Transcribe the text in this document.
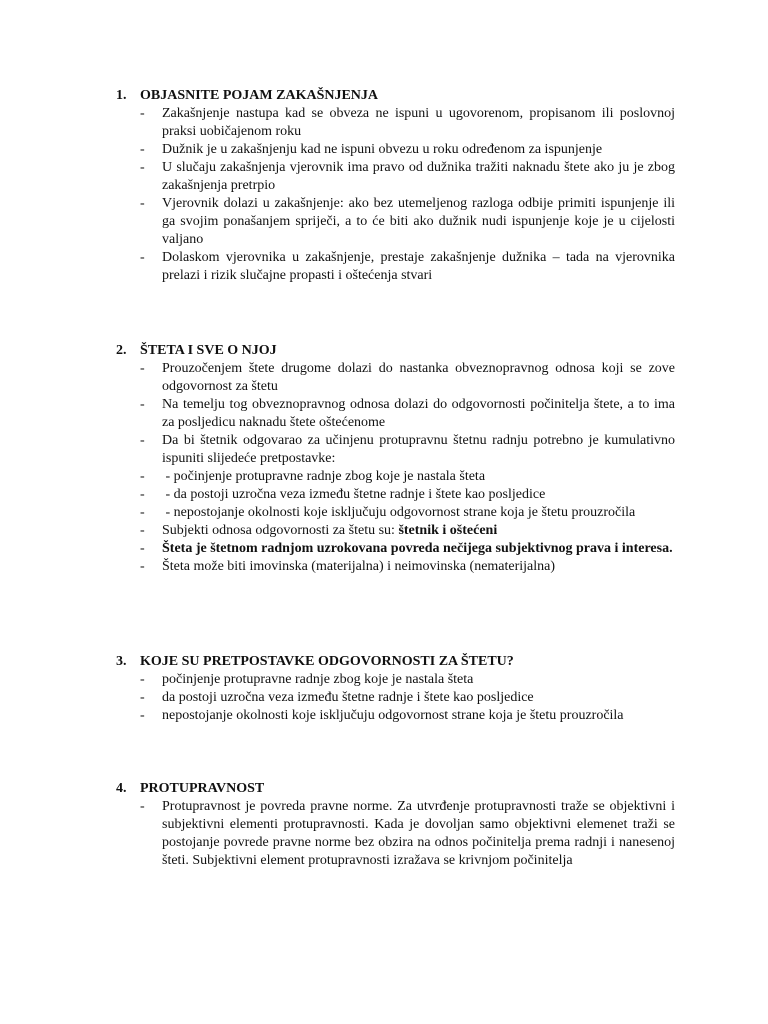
1. OBJASNITE POJAM ZAKAŠNJENJA
- Zakašnjenje nastupa kad se obveza ne ispuni u ugovorenom, propisanom ili poslovnoj praksi uobičajenom roku
- Dužnik je u zakašnjenju kad ne ispuni obvezu u roku određenom za ispunjenje
- U slučaju zakašnjenja vjerovnik ima pravo od dužnika tražiti naknadu štete ako ju je zbog zakašnjenja pretrpio
- Vjerovnik dolazi u zakašnjenje: ako bez utemeljenog razloga odbije primiti ispunjenje ili ga svojim ponašanjem spriječi, a to će biti ako dužnik nudi ispunjenje koje je u cijelosti valjano
- Dolaskom vjerovnika u zakašnjenje, prestaje zakašnjenje dužnika – tada na vjerovnika prelazi i rizik slučajne propasti i oštećenja stvari
2. ŠTETA I SVE O NJOJ
- Prouzočenjem štete drugome dolazi do nastanka obveznopravnog odnosa koji se zove odgovornost za štetu
- Na temelju tog obveznopravnog odnosa dolazi do odgovornosti počinitelja štete, a to ima za posljedicu naknadu štete oštećenome
- Da bi štetnik odgovarao za učinjenu protupravnu štetnu radnju potrebno je kumulativno ispuniti slijedeće pretpostavke:
- - počinjenje protupravne radnje zbog koje je nastala šteta
- - da postoji uzročna veza između štetne radnje i štete kao posljedice
- - nepostojanje okolnosti koje isključuju odgovornost strane koja je štetu prouzročila
- Subjekti odnosa odgovornosti za štetu su: štetnik i oštećeni
- Šteta je štetnom radnjom uzrokovana povreda nečijega subjektivnog prava i interesa.
- Šteta može biti imovinska (materijalna) i neimovinska (nematerijalna)
3. KOJE SU PRETPOSTAVKE ODGOVORNOSTI ZA ŠTETU?
- počinjenje protupravne radnje zbog koje je nastala šteta
- da postoji uzročna veza između štetne radnje i štete kao posljedice
- nepostojanje okolnosti koje isključuju odgovornost strane koja je štetu prouzročila
4. PROTUPRAVNOST
- Protupravnost je povreda pravne norme. Za utvrđenje protupravnosti traže se objektivni i subjektivni elementi protupravnosti. Kada je dovoljan samo objektivni elemenet traži se postojanje povrede pravne norme bez obzira na odnos počinitelja prema radnji i nanesenoj šteti. Subjektivni element protupravnosti izražava se krivnjom počinitelja
